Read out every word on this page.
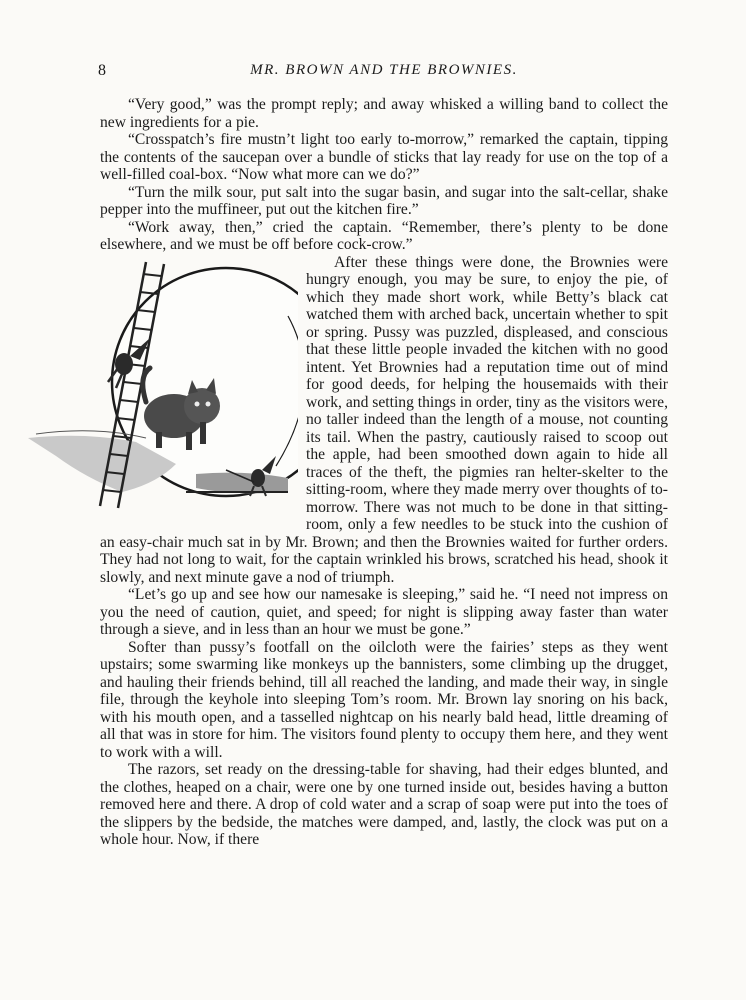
8	MR. BROWN AND THE BROWNIES.

“Very good,” was the prompt reply; and away whisked a willing band to collect the new ingredients for a pie.

“Crosspatch’s fire mustn’t light too early to-morrow,” remarked the captain, tipping the contents of the saucepan over a bundle of sticks that lay ready for use on the top of a well-filled coal-box. “Now what more can we do?”

“Turn the milk sour, put salt into the sugar basin, and sugar into the salt-cellar, shake pepper into the muffineer, put out the kitchen fire.”

“Work away, then,” cried the captain. “Remember, there’s plenty to be done elsewhere, and we must be off before cock-crow.”

After these things were done, the Brownies were hungry enough, you may be sure, to enjoy the pie, of which they made short work, while Betty’s black cat watched them with arched back, uncertain whether to spit or spring. Pussy was puzzled, displeased, and conscious that these little people invaded the kitchen with no good intent. Yet Brownies had a reputation time out of mind for good deeds, for helping the housemaids with their work, and setting things in order, tiny as the visitors were, no taller indeed than the length of a mouse, not counting its tail. When the pastry, cautiously raised to scoop out the apple, had been smoothed down again to hide all traces of the theft, the pigmies ran helter-skelter to the sitting-room, where they made merry over thoughts of to-morrow. There was not much to be done in that sitting-room, only a few needles to be stuck into the cushion of an easy-chair much sat in by Mr. Brown; and then the Brownies waited for further orders. They had not long to wait, for the captain wrinkled his brows, scratched his head, shook it slowly, and next minute gave a nod of triumph.

“Let’s go up and see how our namesake is sleeping,” said he. “I need not impress on you the need of caution, quiet, and speed; for night is slipping away faster than water through a sieve, and in less than an hour we must be gone.”

Softer than pussy’s footfall on the oilcloth were the fairies’ steps as they went upstairs; some swarming like monkeys up the bannisters, some climbing up the drugget, and hauling their friends behind, till all reached the landing, and made their way, in single file, through the keyhole into sleeping Tom’s room. Mr. Brown lay snoring on his back, with his mouth open, and a tasselled nightcap on his nearly bald head, little dreaming of all that was in store for him. The visitors found plenty to occupy them here, and they went to work with a will.

The razors, set ready on the dressing-table for shaving, had their edges blunted, and the clothes, heaped on a chair, were one by one turned inside out, besides having a button removed here and there. A drop of cold water and a scrap of soap were put into the toes of the slippers by the bedside, the matches were damped, and, lastly, the clock was put on a whole hour. Now, if there
